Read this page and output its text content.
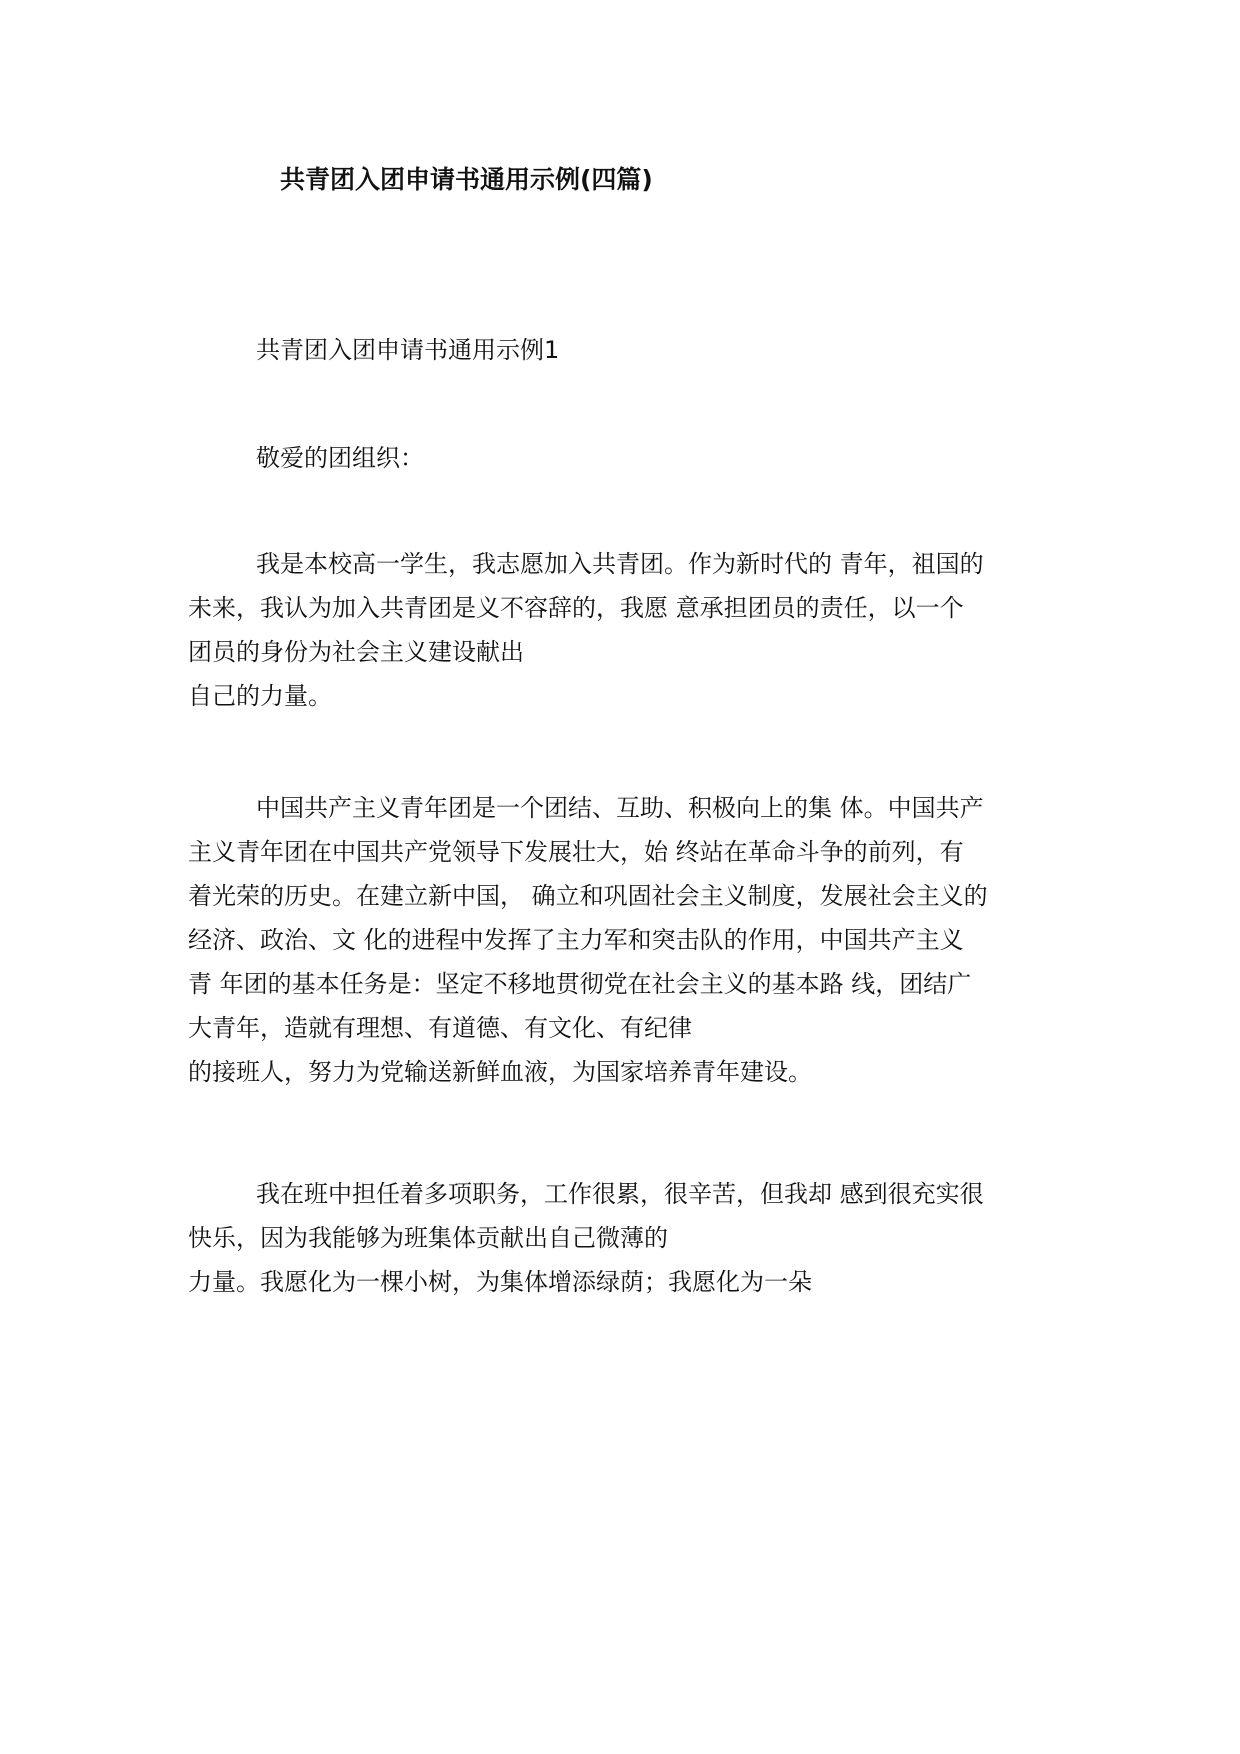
共青团入团申请书通用示例(四篇)

共青团入团申请书通用示例1

敬爱的团组织：

我是本校高一学生，我志愿加入共青团。作为新时代的 青年，祖国的
未来，我认为加入共青团是义不容辞的，我愿 意承担团员的责任，以一个
团员的身份为社会主义建设献出
自己的力量。
中国共产主义青年团是一个团结、互助、积极向上的集 体。中国共产
主义青年团在中国共产党领导下发展壮大，始 终站在革命斗争的前列，有
着光荣的历史。在建立新中国， 确立和巩固社会主义制度，发展社会主义的
经济、政治、文 化的进程中发挥了主力军和突击队的作用，中国共产主义
青 年团的基本任务是：坚定不移地贯彻党在社会主义的基本路 线，团结广
大青年，造就有理想、有道德、有文化、有纪律
的接班人，努力为党输送新鲜血液，为国家培养青年建设。
我在班中担任着多项职务，工作很累，很辛苦，但我却 感到很充实很
快乐，因为我能够为班集体贡献出自己微薄的
力量。我愿化为一棵小树，为集体增添绿荫；我愿化为一朵
